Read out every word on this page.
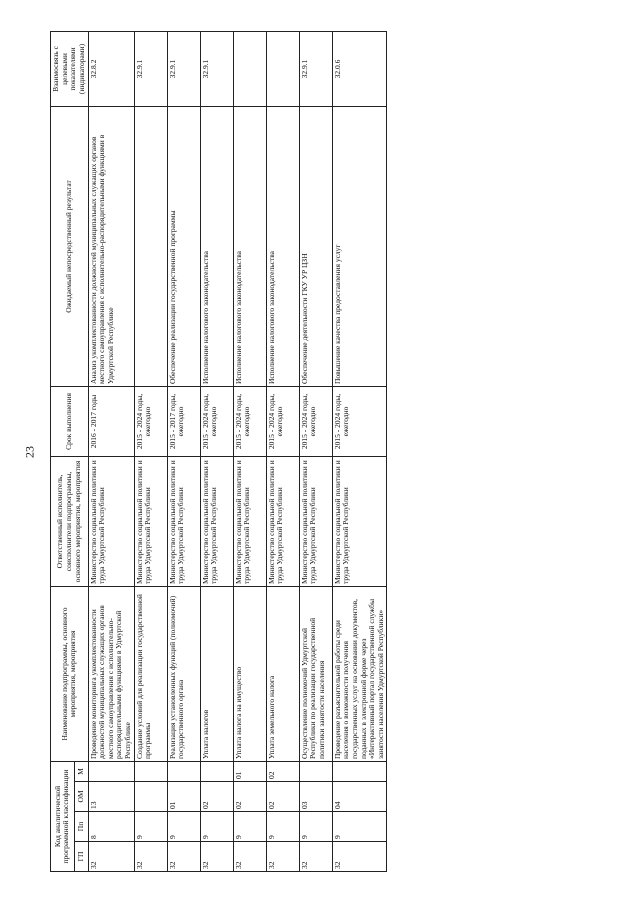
23
Код аналитической программной классификации				Наименование подпрограммы, основного мероприятия, мероприятия	Ответственный исполнитель, соисполнители подпрограммы, основного мероприятия, мероприятия	Срок выполнения	Ожидаемый непосредственный результат	Взаимосвязь с целевыми показателями (индикаторами)
ГП	Пп	ОМ	М					
32	8	13		Проведение мониторинга укомплектованности должностей муниципальных служащих органов местного самоуправления с исполнительно-распорядительными функциями в Удмуртской Республике	Министерство социальной политики и труда Удмуртской Республики	2016 - 2017 годы	Анализ укомплектованности должностей муниципальных служащих органов местного самоуправления с исполнительно-распорядительными функциями в Удмуртской Республике	32.8.2
32	9			Создание условий для реализации государственной программы	Министерство социальной политики и труда Удмуртской Республики	2015 - 2024 годы, ежегодно		32.9.1
32	9	01		Реализация установленных функций (полномочий) государственного органа	Министерство социальной политики и труда Удмуртской Республики	2015 - 2017 годы, ежегодно	Обеспечение реализации государственной программы	32.9.1
32	9	02		Уплата налогов	Министерство социальной политики и труда Удмуртской Республики	2015 - 2024 годы, ежегодно	Исполнение налогового законодательства	32.9.1
32	9	02	01	Уплата налога на имущество	Министерство социальной политики и труда Удмуртской Республики	2015 - 2024 годы, ежегодно	Исполнение налогового законодательства	
32	9	02	02	Уплата земельного налога	Министерство социальной политики и труда Удмуртской Республики	2015 - 2024 годы, ежегодно	Исполнение налогового законодательства	
32	9	03		Осуществление полномочий Удмуртской Республики по реализации государственной политики занятости населения	Министерство социальной политики и труда Удмуртской Республики	2015 - 2024 годы, ежегодно	Обеспечение деятельности ГКУ УР ЦЗН	32.9.1
32	9	04		Проведение разъяснительной работы среди населения о возможности получения государственных услуг на основании документов, поданных в электронной форме через «Интерактивный портал государственной службы занятости населения Удмуртской Республики»	Министерство социальной политики и труда Удмуртской Республики	2015 - 2024 годы, ежегодно	Повышение качества предоставления услуг	32.0.6
